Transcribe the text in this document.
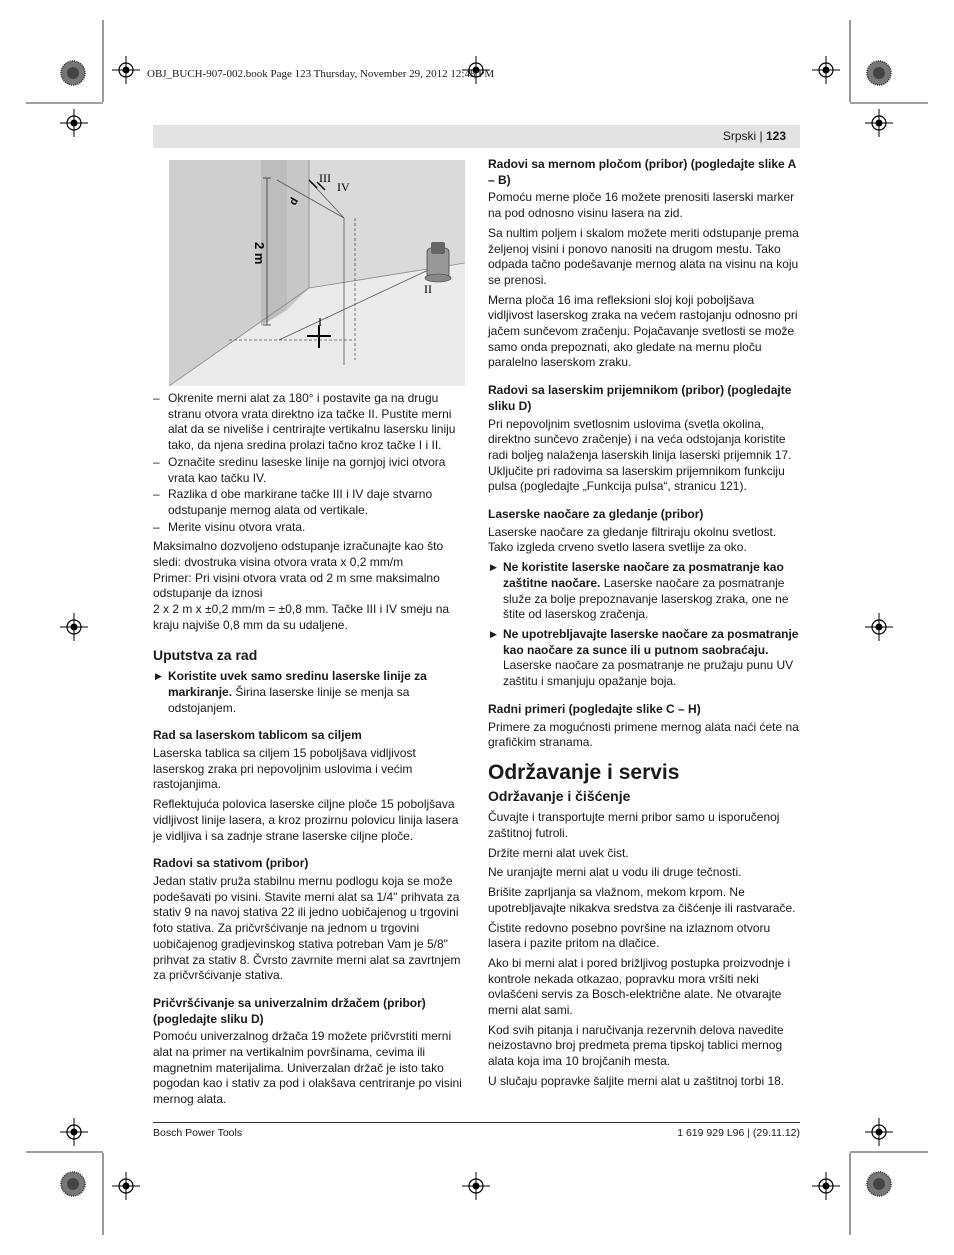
OBJ_BUCH-907-002.book Page 123 Thursday, November 29, 2012 12:48 PM
Srpski | 123
III
IV
d
2 m
II
I
– Okrenite merni alat za 180° i postavite ga na drugu stranu otvora vrata direktno iza tačke II. Pustite merni alat da se niveliše i centrirajte vertikalnu lasersku liniju tako, da njena sredina prolazi tačno kroz tačke I i II.
– Označite sredinu laseske linije na gornjoj ivici otvora vrata kao tačku IV.
– Razlika d obe markirane tačke III i IV daje stvarno odstupanje mernog alata od vertikale.
– Merite visinu otvora vrata.

Maksimalno dozvoljeno odstupanje izračunajte kao što sledi: dvostruka visina otvora vrata x 0,2 mm/m

Primer: Pri visini otvora vrata od 2 m sme maksimalno odstupanje da iznosi

2 x 2 m x ±0,2 mm/m = ±0,8 mm. Tačke III i IV smeju na kraju najviše 0,8 mm da su udaljene.

Uputstva za rad
▶ Koristite uvek samo sredinu laserske linije za markiranje. Širina laserske linije se menja sa odstojanjem.
Rad sa laserskom tablicom sa ciljem

Laserska tablica sa ciljem 15 poboljšava vidljivost laserskog zraka pri nepovoljnim uslovima i većim rastojanjima.

Reflektujuća polovica laserske ciljne ploče 15 poboljšava vidljivost linije lasera, a kroz prozirnu polovicu linija lasera je vidljiva i sa zadnje strane laserske ciljne ploče.

Radovi sa stativom (pribor)

Jedan stativ pruža stabilnu mernu podlogu koja se može podešavati po visini. Stavite merni alat sa 1/4" prihvata za stativ 9 na navoj stativa 22 ili jedno uobičajenog u trgovini foto stativa. Za pričvršćivanje na jednom u trgovini uobičajenog gradjevinskog stativa potreban Vam je 5/8" prihvat za stativ 8. Čvrsto zavrnite merni alat sa zavrtnjem za pričvršćivanje stativa.

Pričvršćivanje sa univerzalnim držačem (pribor) (pogledajte sliku D)

Pomoću univerzalnog držača 19 možete pričvrstiti merni alat na primer na vertikalnim površinama, cevima ili magnetnim materijalima. Univerzalan držač je isto tako pogodan kao i stativ za pod i olakšava centriranje po visini mernog alata.

Radovi sa mernom pločom (pribor) (pogledajte slike A – B)

Pomoću merne ploče 16 možete prenositi laserski marker na pod odnosno visinu lasera na zid.

Sa nultim poljem i skalom možete meriti odstupanje prema željenoj visini i ponovo nanositi na drugom mestu. Tako odpada tačno podešavanje mernog alata na visinu na koju se prenosi.

Merna ploča 16 ima refleksioni sloj koji poboljšava vidljivost laserskog zraka na većem rastojanju odnosno pri jačem sunčevom zračenju. Pojačavanje svetlosti se može samo onda prepoznati, ako gledate na mernu ploču paralelno laserskom zraku.

Radovi sa laserskim prijemnikom (pribor) (pogledajte sliku D)

Pri nepovoljnim svetlosnim uslovima (svetla okolina, direktno sunčevo zračenje) i na veća odstojanja koristite radi boljeg nalaženja laserskih linija laserski prijemnik 17. Uključite pri radovima sa laserskim prijemnikom funkciju pulsa (pogledajte „Funkcija pulsa“, stranicu 121).

Laserske naočare za gledanje (pribor)

Laserske naočare za gledanje filtriraju okolnu svetlost. Tako izgleda crveno svetlo lasera svetlije za oko.

▶ Ne koristite laserske naočare za posmatranje kao zaštitne naočare. Laserske naočare za posmatranje služe za bolje prepoznavanje laserskog zraka, one ne štite od laserskog zračenja.
▶ Ne upotrebljavajte laserske naočare za posmatranje kao naočare za sunce ili u putnom saobraćaju. Laserske naočare za posmatranje ne pružaju punu UV zaštitu i smanjuju opažanje boja.
Radni primeri (pogledajte slike C – H)

Primere za mogućnosti primene mernog alata naći ćete na grafičkim stranama.

Održavanje i servis
Održavanje i čišćenje

Čuvajte i transportujte merni pribor samo u isporučenoj zaštitnoj futroli.

Držite merni alat uvek čist.

Ne uranjajte merni alat u vodu ili druge tečnosti.

Brišite zaprljanja sa vlažnom, mekom krpom. Ne upotrebljavajte nikakva sredstva za čišćenje ili rastvarače.

Čistite redovno posebno površine na izlaznom otvoru lasera i pazite pritom na dlačice.

Ako bi merni alat i pored brižljivog postupka proizvodnje i kontrole nekada otkazao, popravku mora vršiti neki ovlašćeni servis za Bosch-električne alate. Ne otvarajte merni alat sami.

Kod svih pitanja i naručivanja rezervnih delova navedite neizostavno broj predmeta prema tipskoj tablici mernog alata koja ima 10 brojčanih mesta.

U slučaju popravke šaljite merni alat u zaštitnoj torbi 18.

Bosch Power Tools	1 619 929 L96 | (29.11.12)
